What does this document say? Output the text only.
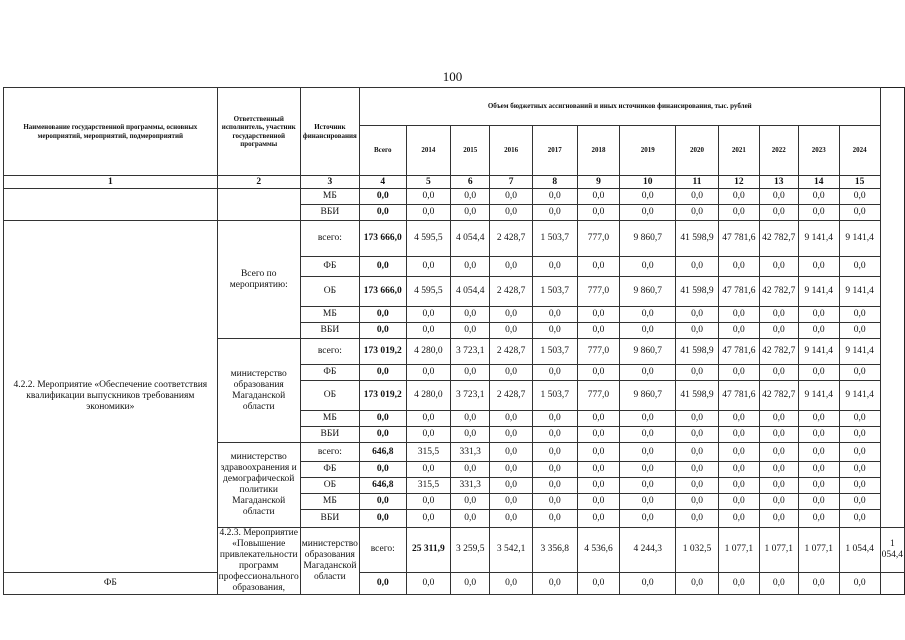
100
Наименование государственной программы, основных мероприятий, мероприятий, подмероприятий	Ответственный исполнитель, участник государственной программы	Источник финансирования	Объем бюджетных ассигнований и иных источников финансирования, тыс. рублей												
			Всего	2014	2015	2016	2017	2018	2019	2020	2021	2022	2023	2024	
1	2	3	4	5	6	7	8	9	10	11	12	13	14	15	
		МБ	0,0	0,0	0,0	0,0	0,0	0,0	0,0	0,0	0,0	0,0	0,0	0,0	
		ВБИ	0,0	0,0	0,0	0,0	0,0	0,0	0,0	0,0	0,0	0,0	0,0	0,0	
4.2.2. Мероприятие «Обеспечение соответствия квалификации выпускников требованиям экономики»	Всего по мероприятию:	всего:	173 666,0	4 595,5	4 054,4	2 428,7	1 503,7	777,0	9 860,7	41 598,9	47 781,6	42 782,7	9 141,4	9 141,4	
		ФБ	0,0	0,0	0,0	0,0	0,0	0,0	0,0	0,0	0,0	0,0	0,0	0,0	
		ОБ	173 666,0	4 595,5	4 054,4	2 428,7	1 503,7	777,0	9 860,7	41 598,9	47 781,6	42 782,7	9 141,4	9 141,4	
		МБ	0,0	0,0	0,0	0,0	0,0	0,0	0,0	0,0	0,0	0,0	0,0	0,0	
		ВБИ	0,0	0,0	0,0	0,0	0,0	0,0	0,0	0,0	0,0	0,0	0,0	0,0	
	министерство образования Магаданской области	всего:	173 019,2	4 280,0	3 723,1	2 428,7	1 503,7	777,0	9 860,7	41 598,9	47 781,6	42 782,7	9 141,4	9 141,4	
		ФБ	0,0	0,0	0,0	0,0	0,0	0,0	0,0	0,0	0,0	0,0	0,0	0,0	
		ОБ	173 019,2	4 280,0	3 723,1	2 428,7	1 503,7	777,0	9 860,7	41 598,9	47 781,6	42 782,7	9 141,4	9 141,4	
		МБ	0,0	0,0	0,0	0,0	0,0	0,0	0,0	0,0	0,0	0,0	0,0	0,0	
		ВБИ	0,0	0,0	0,0	0,0	0,0	0,0	0,0	0,0	0,0	0,0	0,0	0,0	
	министерство здравоохранения и демографической политики Магаданской области	всего:	646,8	315,5	331,3	0,0	0,0	0,0	0,0	0,0	0,0	0,0	0,0	0,0	
		ФБ	0,0	0,0	0,0	0,0	0,0	0,0	0,0	0,0	0,0	0,0	0,0	0,0	
		ОБ	646,8	315,5	331,3	0,0	0,0	0,0	0,0	0,0	0,0	0,0	0,0	0,0	
		МБ	0,0	0,0	0,0	0,0	0,0	0,0	0,0	0,0	0,0	0,0	0,0	0,0	
		ВБИ	0,0	0,0	0,0	0,0	0,0	0,0	0,0	0,0	0,0	0,0	0,0	0,0	
	4.2.3. Мероприятие «Повышение привлекательности программ профессионального образования,	министерство образования Магаданской области	всего:	25 311,9	3 259,5	3 542,1	3 356,8	4 536,6	4 244,3	1 032,5	1 077,1	1 077,1	1 077,1	1 054,4	1 054,4
ФБ			0,0	0,0	0,0	0,0	0,0	0,0	0,0	0,0	0,0	0,0	0,0	0,0	
